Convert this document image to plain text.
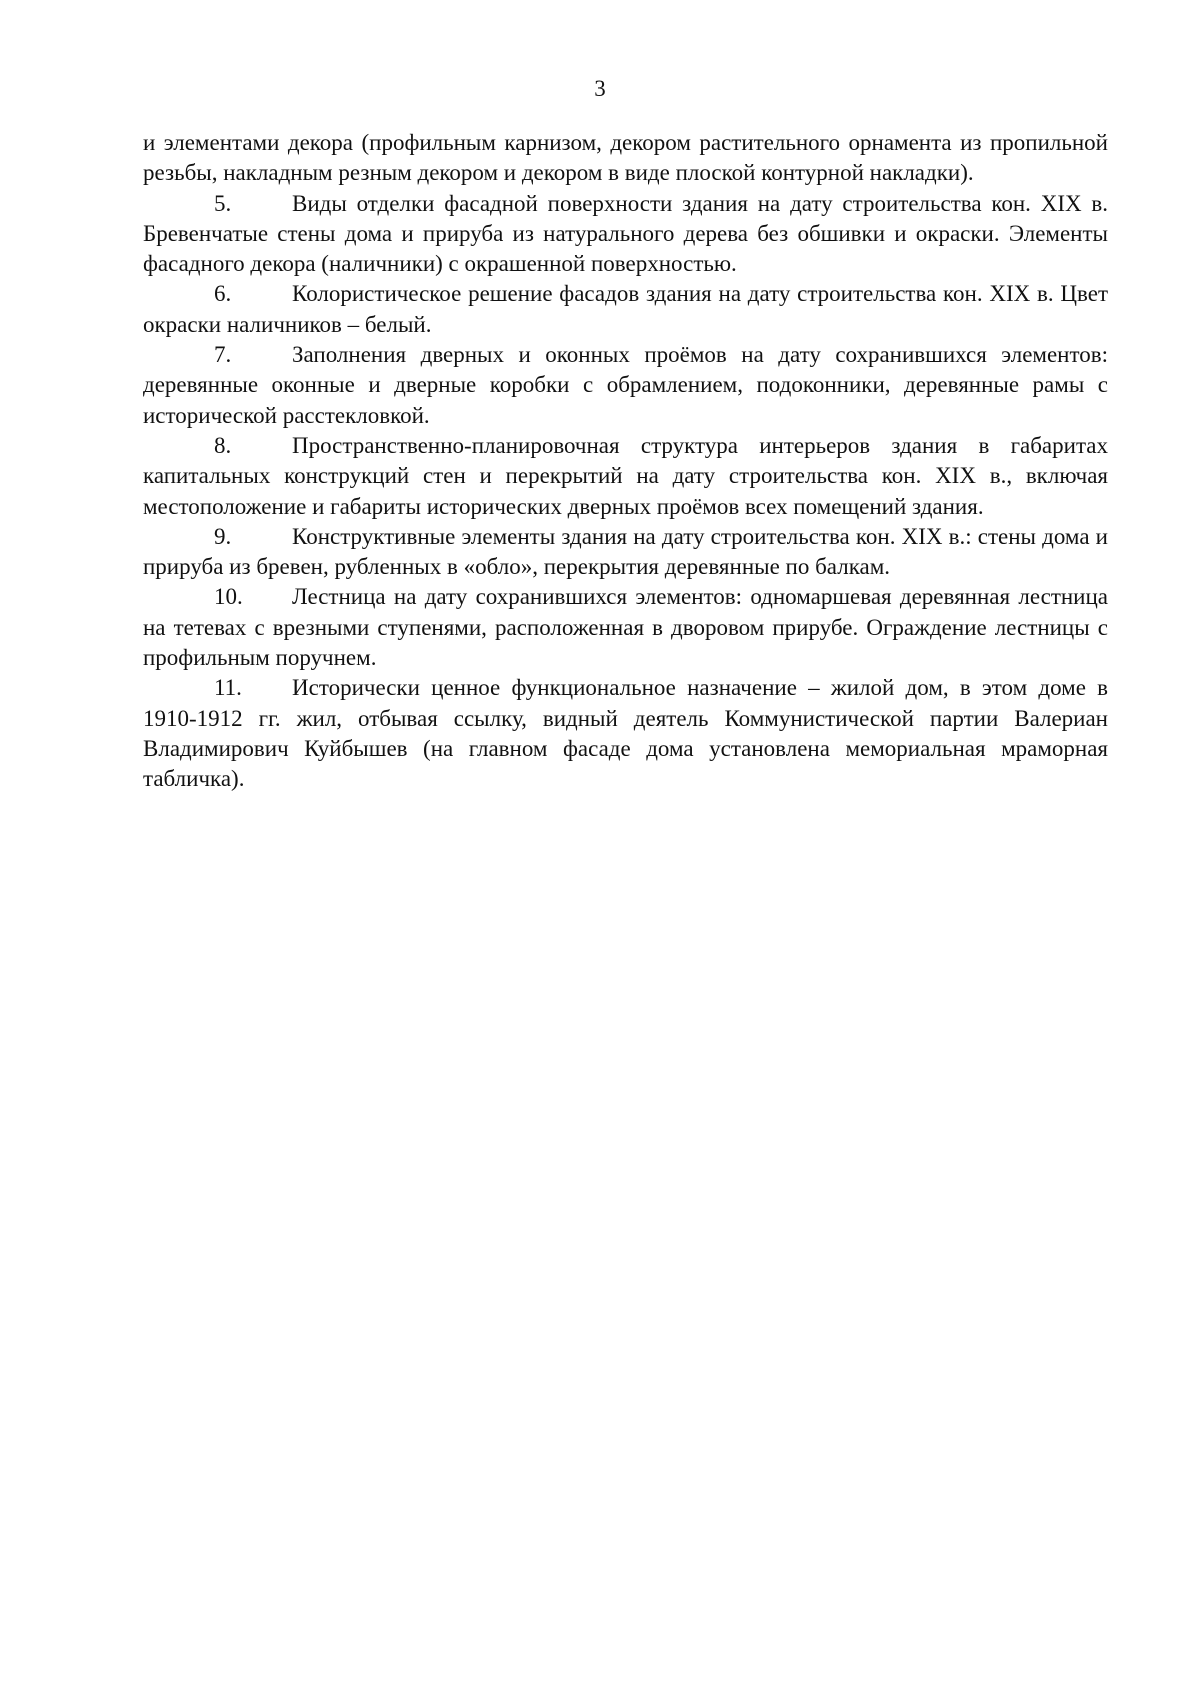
3

и элементами декора (профильным карнизом, декором растительного орнамента из пропильной резьбы, накладным резным декором и декором в виде плоской контурной накладки).

5.	Виды отделки фасадной поверхности здания на дату строительства кон. XIX в. Бревенчатые стены дома и прируба из натурального дерева без обшивки и окраски. Элементы фасадного декора (наличники) с окрашенной поверхностью.

6.	Колористическое решение фасадов здания на дату строительства кон. XIX в. Цвет окраски наличников – белый.

7.	Заполнения дверных и оконных проёмов на дату сохранившихся элементов: деревянные оконные и дверные коробки с обрамлением, подоконники, деревянные рамы с исторической расстекловкой.

8.	Пространственно-планировочная структура интерьеров здания в габаритах капитальных конструкций стен и перекрытий на дату строительства кон. XIX в., включая местоположение и габариты исторических дверных проёмов всех помещений здания.

9.	Конструктивные элементы здания на дату строительства кон. XIX в.: стены дома и прируба из бревен, рубленных в «обло», перекрытия деревянные по балкам.

10. Лестница на дату сохранившихся элементов: одномаршевая деревянная лестница на тетевах с врезными ступенями, расположенная в дворовом прирубе. Ограждение лестницы с профильным поручнем.

11. Исторически ценное функциональное назначение – жилой дом, в этом доме в 1910-1912 гг. жил, отбывая ссылку, видный деятель Коммунистической партии Валериан Владимирович Куйбышев (на главном фасаде дома установлена мемориальная мраморная табличка).
